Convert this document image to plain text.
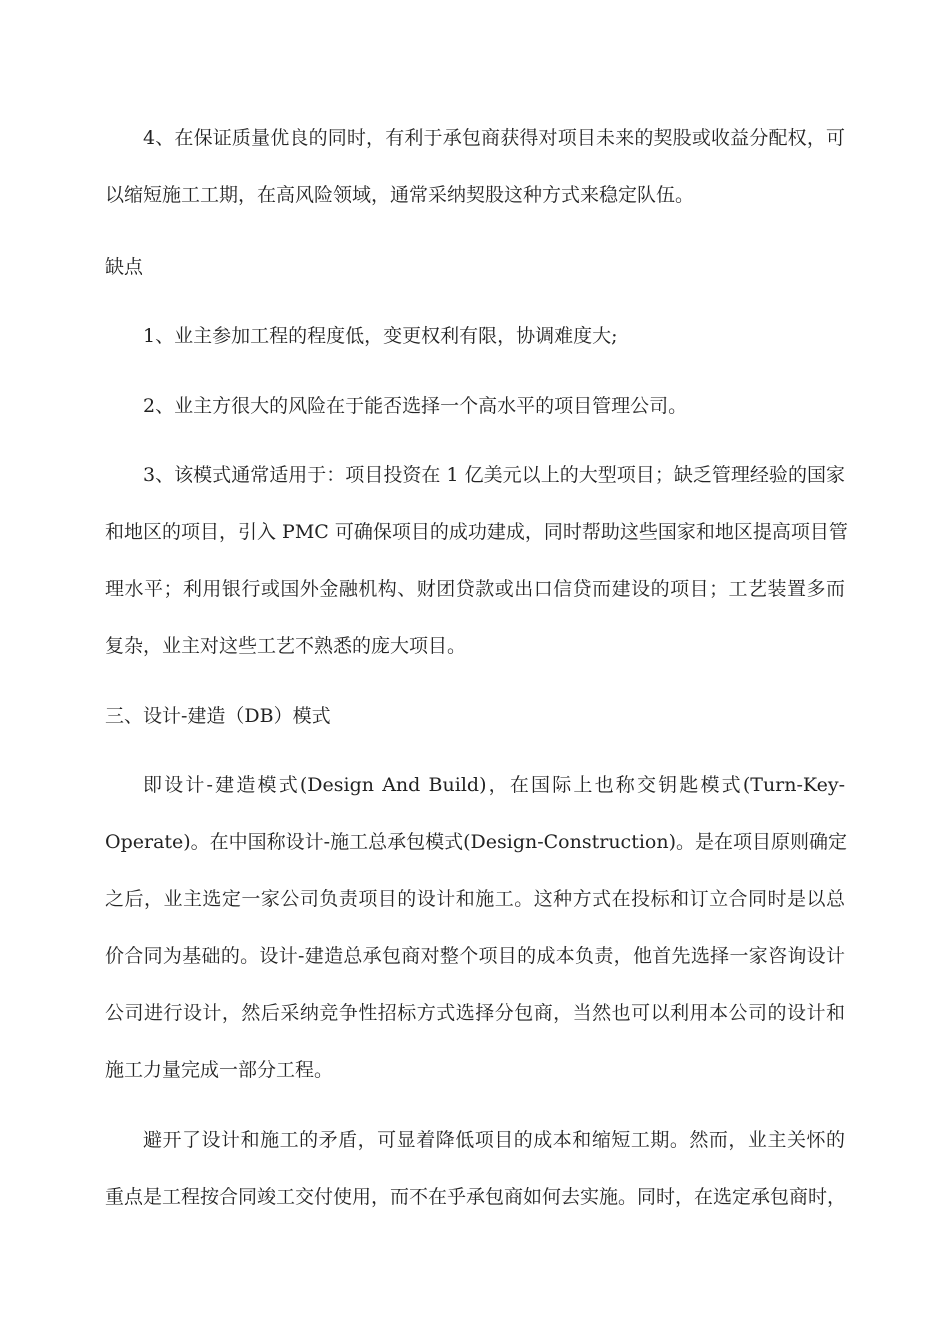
4、在保证质量优良的同时，有利于承包商获得对项目未来的契股或收益分配权，可
以缩短施工工期，在高风险领域，通常采纳契股这种方式来稳定队伍。
缺点
1、业主参加工程的程度低，变更权利有限，协调难度大;
2、业主方很大的风险在于能否选择一个高水平的项目管理公司。
3、该模式通常适用于：项目投资在 1 亿美元以上的大型项目；缺乏管理经验的国家
和地区的项目，引入 PMC 可确保项目的成功建成，同时帮助这些国家和地区提高项目管
理水平；利用银行或国外金融机构、财团贷款或出口信贷而建设的项目；工艺装置多而
复杂，业主对这些工艺不熟悉的庞大项目。
三、设计-建造（DB）模式
即设计-建造模式(Design And Build)，在国际上也称交钥匙模式(Turn-Key-
Operate)。在中国称设计-施工总承包模式(Design-Construction)。是在项目原则确定
之后，业主选定一家公司负责项目的设计和施工。这种方式在投标和订立合同时是以总
价合同为基础的。设计-建造总承包商对整个项目的成本负责，他首先选择一家咨询设计
公司进行设计，然后采纳竞争性招标方式选择分包商，当然也可以利用本公司的设计和
施工力量完成一部分工程。
避开了设计和施工的矛盾，可显着降低项目的成本和缩短工期。然而，业主关怀的
重点是工程按合同竣工交付使用，而不在乎承包商如何去实施。同时，在选定承包商时，
